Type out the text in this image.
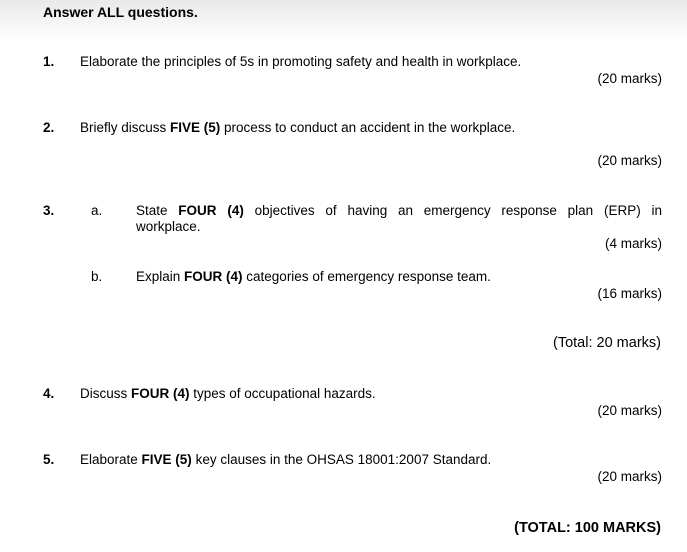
Answer ALL questions.
1. Elaborate the principles of 5s in promoting safety and health in workplace.
(20 marks)
2. Briefly discuss FIVE (5) process to conduct an accident in the workplace.
(20 marks)
3.	a. State FOUR (4) objectives of having an emergency response plan (ERP) in
workplace.
(4 marks)
b. Explain FOUR (4) categories of emergency response team.
(16 marks)
(Total: 20 marks)
4. Discuss FOUR (4) types of occupational hazards.
(20 marks)
5. Elaborate FIVE (5) key clauses in the OHSAS 18001:2007 Standard.
(20 marks)
(TOTAL: 100 MARKS)
